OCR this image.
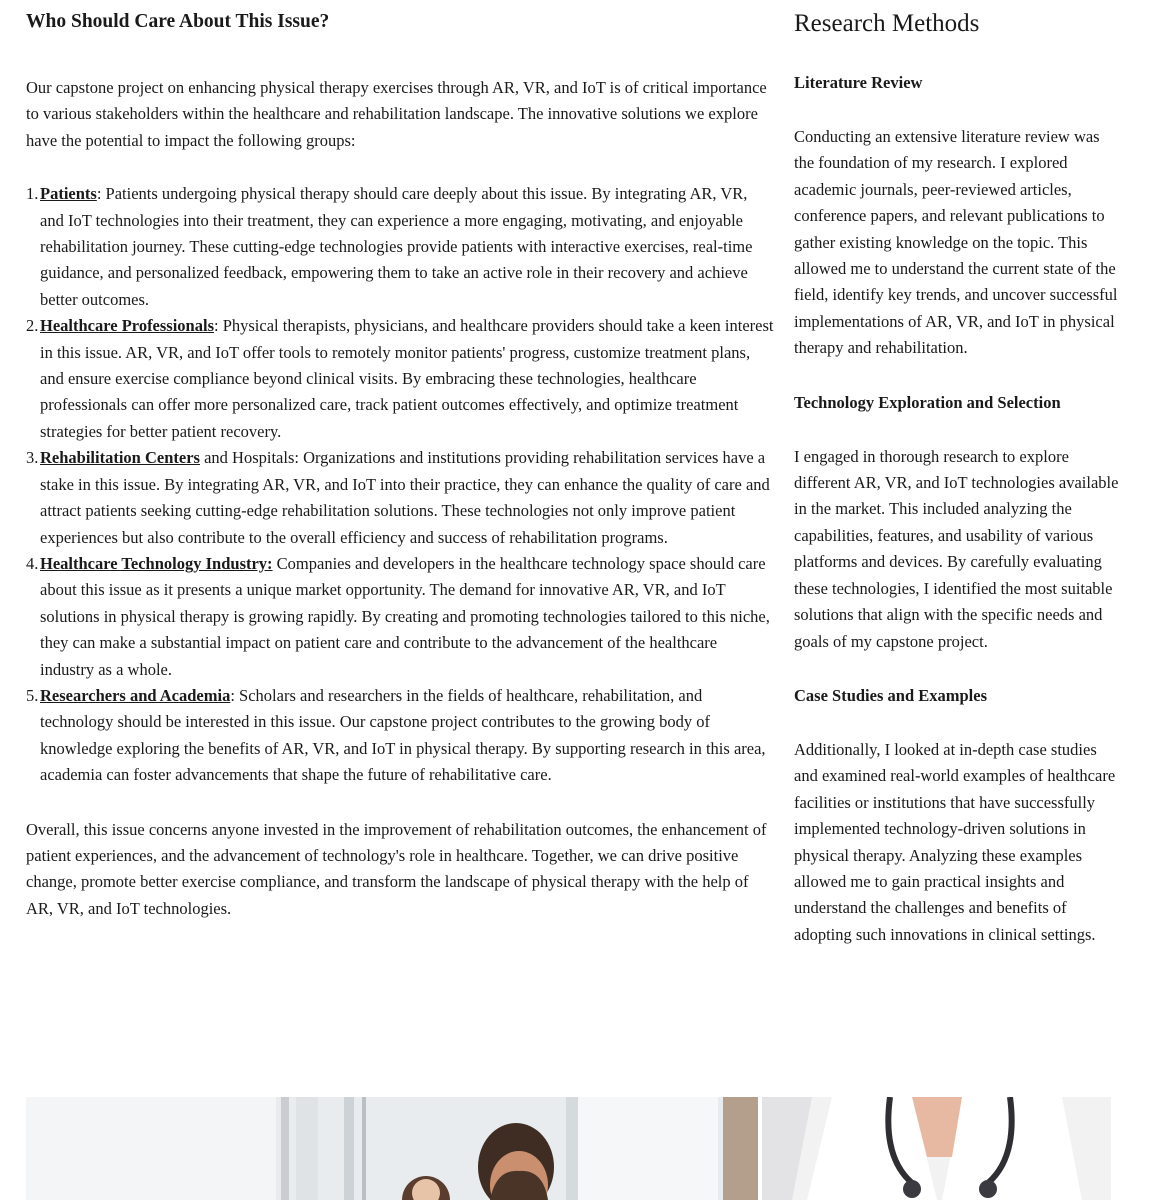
Who Should Care About This Issue?

Our capstone project on enhancing physical therapy exercises through AR, VR, and IoT is of critical importance to various stakeholders within the healthcare and rehabilitation landscape. The innovative solutions we explore have the potential to impact the following groups:

1. Patients: Patients undergoing physical therapy should care deeply about this issue. By integrating AR, VR, and IoT technologies into their treatment, they can experience a more engaging, motivating, and enjoyable rehabilitation journey. These cutting-edge technologies provide patients with interactive exercises, real-time guidance, and personalized feedback, empowering them to take an active role in their recovery and achieve better outcomes.
2. Healthcare Professionals: Physical therapists, physicians, and healthcare providers should take a keen interest in this issue. AR, VR, and IoT offer tools to remotely monitor patients' progress, customize treatment plans, and ensure exercise compliance beyond clinical visits. By embracing these technologies, healthcare professionals can offer more personalized care, track patient outcomes effectively, and optimize treatment strategies for better patient recovery.
3. Rehabilitation Centers and Hospitals: Organizations and institutions providing rehabilitation services have a stake in this issue. By integrating AR, VR, and IoT into their practice, they can enhance the quality of care and attract patients seeking cutting-edge rehabilitation solutions. These technologies not only improve patient experiences but also contribute to the overall efficiency and success of rehabilitation programs.
4. Healthcare Technology Industry: Companies and developers in the healthcare technology space should care about this issue as it presents a unique market opportunity. The demand for innovative AR, VR, and IoT solutions in physical therapy is growing rapidly. By creating and promoting technologies tailored to this niche, they can make a substantial impact on patient care and contribute to the advancement of the healthcare industry as a whole.
5. Researchers and Academia: Scholars and researchers in the fields of healthcare, rehabilitation, and technology should be interested in this issue. Our capstone project contributes to the growing body of knowledge exploring the benefits of AR, VR, and IoT in physical therapy. By supporting research in this area, academia can foster advancements that shape the future of rehabilitative care.

Overall, this issue concerns anyone invested in the improvement of rehabilitation outcomes, the enhancement of patient experiences, and the advancement of technology's role in healthcare. Together, we can drive positive change, promote better exercise compliance, and transform the landscape of physical therapy with the help of AR, VR, and IoT technologies.

Research Methods
Literature Review

Conducting an extensive literature review was the foundation of my research. I explored academic journals, peer-reviewed articles, conference papers, and relevant publications to gather existing knowledge on the topic. This allowed me to understand the current state of the field, identify key trends, and uncover successful implementations of AR, VR, and IoT in physical therapy and rehabilitation.

Technology Exploration and Selection

I engaged in thorough research to explore different AR, VR, and IoT technologies available in the market. This included analyzing the capabilities, features, and usability of various platforms and devices. By carefully evaluating these technologies, I identified the most suitable solutions that align with the specific needs and goals of my capstone project.

Case Studies and Examples

Additionally, I looked at in-depth case studies and examined real-world examples of healthcare facilities or institutions that have successfully implemented technology-driven solutions in physical therapy. Analyzing these examples allowed me to gain practical insights and understand the challenges and benefits of adopting such innovations in clinical settings.
